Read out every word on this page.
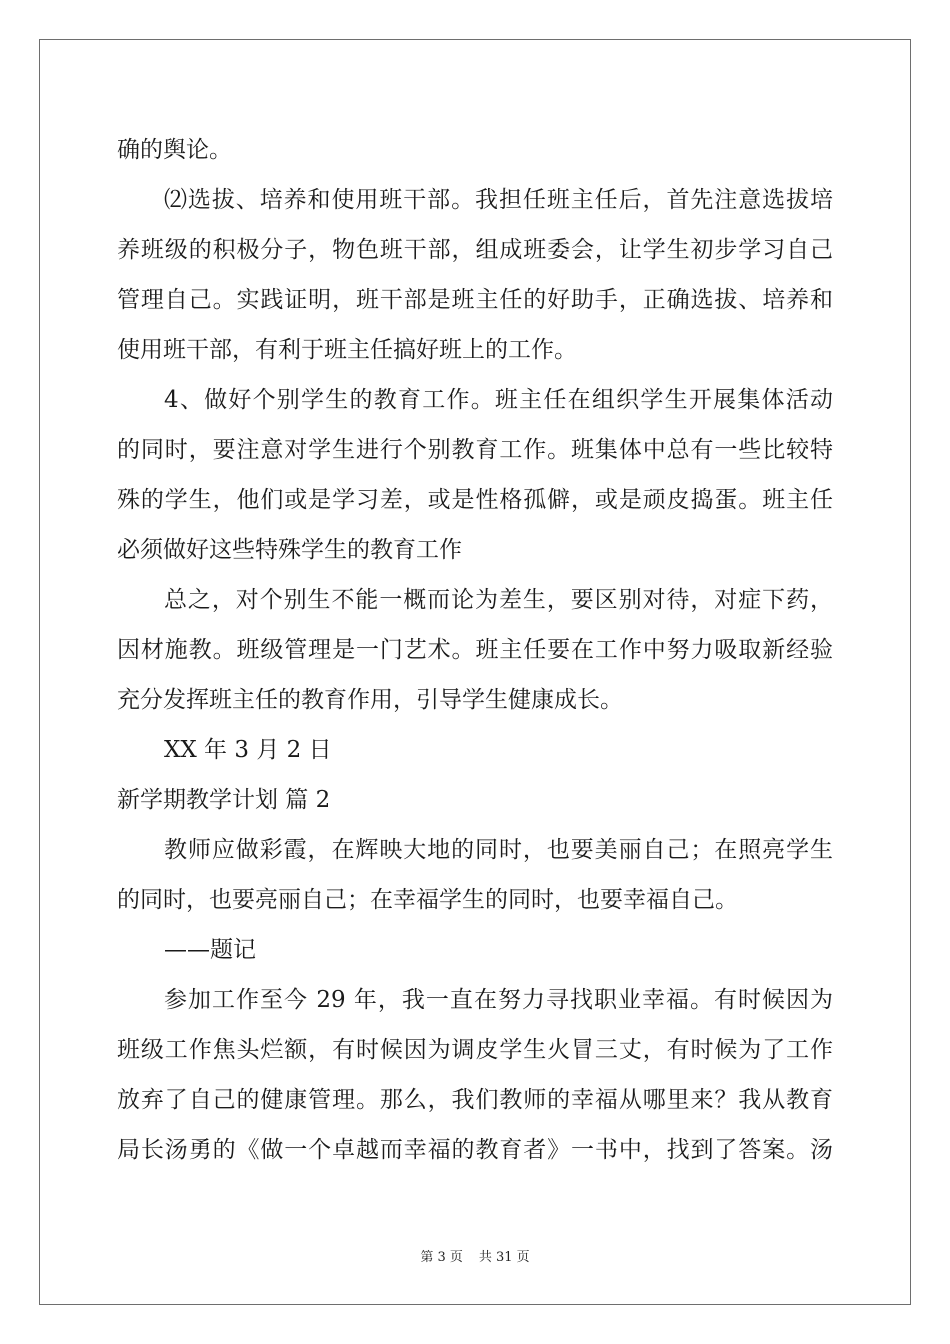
确的舆论。
⑵选拔、培养和使用班干部。我担任班主任后，首先注意选拔培
养班级的积极分子，物色班干部，组成班委会，让学生初步学习自己
管理自己。实践证明，班干部是班主任的好助手，正确选拔、培养和
使用班干部，有利于班主任搞好班上的工作。
4、做好个别学生的教育工作。班主任在组织学生开展集体活动
的同时，要注意对学生进行个别教育工作。班集体中总有一些比较特
殊的学生，他们或是学习差，或是性格孤僻，或是顽皮捣蛋。班主任
必须做好这些特殊学生的教育工作
总之，对个别生不能一概而论为差生，要区别对待，对症下药，
因材施教。班级管理是一门艺术。班主任要在工作中努力吸取新经验
充分发挥班主任的教育作用，引导学生健康成长。
XX 年 3 月 2 日
新学期教学计划 篇 2
教师应做彩霞，在辉映大地的同时，也要美丽自己；在照亮学生
的同时，也要亮丽自己；在幸福学生的同时，也要幸福自己。
——题记
参加工作至今 29 年，我一直在努力寻找职业幸福。有时候因为
班级工作焦头烂额，有时候因为调皮学生火冒三丈，有时候为了工作
放弃了自己的健康管理。那么，我们教师的幸福从哪里来？我从教育
局长汤勇的《做一个卓越而幸福的教育者》一书中，找到了答案。汤
第 3 页 共 31 页
